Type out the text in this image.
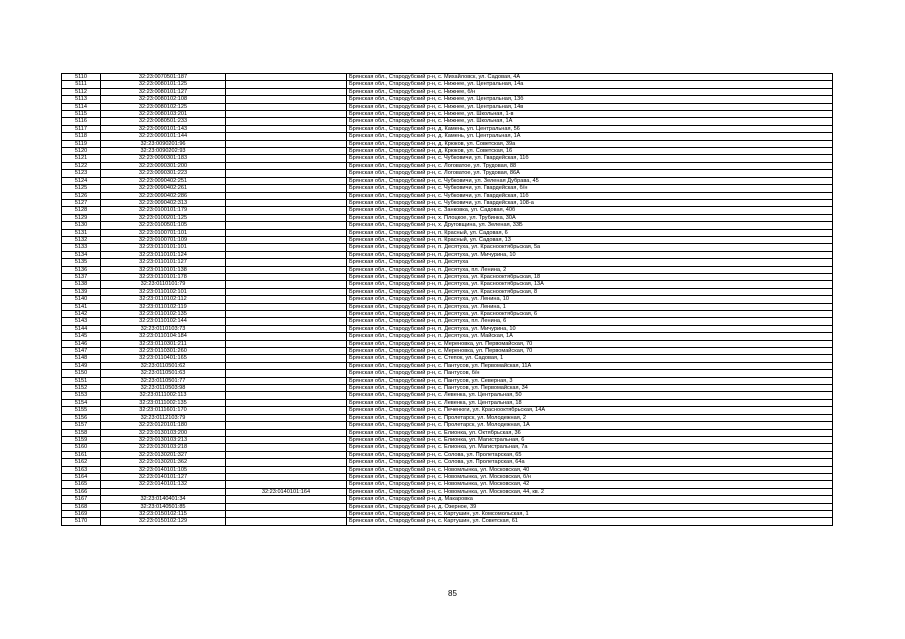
5110	32:23:0070501:187		Брянская обл., Стародубский р-н, с. Михайловск, ул. Садовая, 4А
5111	32:23:0080101:125		Брянская обл., Стародубский р-н, с. Нижнее, ул. Центральная, 14а
5112	32:23:0080101:127		Брянская обл., Стародубский р-н, с. Нижнее, б/н
5113	32:23:0080102:108		Брянская обл., Стародубский р-н, с. Нижнее, ул. Центральная, 13б
5114	32:23:0080102:125		Брянская обл., Стародубский р-н, с. Нижнее, ул. Центральная, 14в
5115	32:23:0080103:201		Брянская обл., Стародубский р-н, с. Нижнее, ул. Школьная, 1-в
5116	32:23:0080501:233		Брянская обл., Стародубский р-н, с. Нижнее, ул. Школьная, 1А
5117	32:23:0090101:143		Брянская обл., Стародубский р-н, д. Камень, ул. Центральная, 56
5118	32:23:0090101:144		Брянская обл., Стародубский р-н, д. Камень, ул. Центральная, 1А
5119	32:23:0090201:96		Брянская обл., Стародубский р-н, д. Крюков, ул. Советская, 39а
5120	32:23:0090202:93		Брянская обл., Стародубский р-н, д. Крюков, ул. Советская, 16
5121	32:23:0090301:183		Брянская обл., Стародубский р-н, с. Чубковичи, ул. Гвардейская, 11б
5122	32:23:0090301:200		Брянская обл., Стародубский р-н, с. Логоватое, ул. Трудовая, 88
5123	32:23:0090301:223		Брянская обл., Стародубский р-н, с. Логоватое, ул. Трудовая, 86А
5124	32:23:0090402:251		Брянская обл., Стародубский р-н, с. Чубковичи, ул. Зеленая Дубрава, 45
5125	32:23:0090402:261		Брянская обл., Стародубский р-н, с. Чубковичи, ул. Гвардейская, б/н
5126	32:23:0090402:286		Брянская обл., Стародубский р-н, с. Чубковичи, ул. Гвардейская, 11б
5127	32:23:0090402:313		Брянская обл., Стародубский р-н, с. Чубковичи, ул. Гвардейская, 108-а
5128	32:23:0100101:179		Брянская обл., Стародубский р-н, с. Занковка, ул. Садовая, 40б
5129	32:23:0100201:125		Брянская обл., Стародубский р-н, х. Плоцкое, ул. Трубинка, 30А
5130	32:23:0100501:105		Брянская обл., Стародубский р-н, х. Друговщина, ул. Зеленая, 33Б
5131	32:23:0100701:101		Брянская обл., Стародубский р-н, п. Красный, ул. Садовая, 6
5132	32:23:0100701:109		Брянская обл., Стародубский р-н, п. Красный, ул. Садовая, 13
5133	32:23:0110101:101		Брянская обл., Стародубский р-н, п. Десятуха, ул. Краснооктябрьская, 5а
5134	32:23:0110101:124		Брянская обл., Стародубский р-н, п. Десятуха, ул. Мичурина, 10
5135	32:23:0110101:127		Брянская обл., Стародубский р-н, п. Десятуха
5136	32:23:0110101:138		Брянская обл., Стародубский р-н, п. Десятуха, пл. Ленина, 2
5137	32:23:0110101:178		Брянская обл., Стародубский р-н, п. Десятуха, ул. Краснооктябрьская, 18
5138	32:23:0110101:79		Брянская обл., Стародубский р-н, п. Десятуха, ул. Краснооктябрьская, 13А
5139	32:23:0110102:101		Брянская обл., Стародубский р-н, п. Десятуха, ул. Краснооктябрьская, 8
5140	32:23:0110102:112		Брянская обл., Стародубский р-н, п. Десятуха, ул. Ленина, 10
5141	32:23:0110102:119		Брянская обл., Стародубский р-н, п. Десятуха, ул. Ленина, 1
5142	32:23:0110102:135		Брянская обл., Стародубский р-н, п. Десятуха, ул. Краснооктябрьская, 6
5143	32:23:0110102:144		Брянская обл., Стародубский р-н, п. Десятуха, пл. Ленина, 6
5144	32:23:0110103:73		Брянская обл., Стародубский р-н, п. Десятуха, ул. Мичурина, 10
5145	32:23:0110104:184		Брянская обл., Стародубский р-н, п. Десятуха, ул. Майская, 1А
5146	32:23:0110301:211		Брянская обл., Стародубский р-н, с. Мереновка, ул. Первомайская, 70
5147	32:23:0110301:260		Брянская обл., Стародубский р-н, с. Мереновка, ул. Первомайская, 70
5148	32:23:0110401:165		Брянская обл., Стародубский р-н, с. Степок, ул. Садовая, 1
5149	32:23:0110501:62		Брянская обл., Стародубский р-н, с. Пантусов, ул. Первомайская, 11А
5150	32:23:0110501:63		Брянская обл., Стародубский р-н, с. Пантусов, б/н
5151	32:23:0110501:77		Брянская обл., Стародубский р-н, с. Пантусов, ул. Северная, 3
5152	32:23:0110503:98		Брянская обл., Стародубский р-н, с. Пантусов, ул. Первомайская, 34
5153	32:23:0111002:113		Брянская обл., Стародубский р-н, с. Левенка, ул. Центральная, 50
5154	32:23:0111002:135		Брянская обл., Стародубский р-н, с. Левенка, ул. Центральная, 18
5155	32:23:0111601:170		Брянская обл., Стародубский р-н, с. Печенюги, ул. Краснооктябрьская, 14А
5156	32:23:0112103:79		Брянская обл., Стародубский р-н, с. Пролетарск, ул. Молодежная, 2
5157	32:23:0120101:180		Брянская обл., Стародубский р-н, с. Пролетарск, ул. Молодежная, 1А
5158	32:23:0130103:200		Брянская обл., Стародубский р-н, с. Елионка, ул. Октябрьская, 36
5159	32:23:0130103:213		Брянская обл., Стародубский р-н, с. Елионка, ул. Магистральная, 6
5160	32:23:0130103:218		Брянская обл., Стародубский р-н, с. Елионка, ул. Магистральная, 7а
5161	32:23:0130201:327		Брянская обл., Стародубский р-н, с. Солова, ул. Пролетарская, 65
5162	32:23:0130201:362		Брянская обл., Стародубский р-н, с. Солова, ул. Пролетарская, 64а
5163	32:23:0140101:105		Брянская обл., Стародубский р-н, с. Новомлынка, ул. Московская, 40
5164	32:23:0140101:127		Брянская обл., Стародубский р-н, с. Новомлынка, ул. Московская, б/н
5165	32:23:0140101:132		Брянская обл., Стародубский р-н, с. Новомлынка, ул. Московская, 42
5166		32:23:0140101:164	Брянская обл., Стародубский р-н, с. Новомлынка, ул. Московская, 44, кв. 2
5167	32:23:0140401:34		Брянская обл., Стародубский р-н, д. Макаровка
5168	32:23:0140501:85		Брянская обл., Стародубский р-н, д. Озерное, 39
5169	32:23:0150102:115		Брянская обл., Стародубский р-н, с. Картушин, ул. Комсомольская, 1
5170	32:23:0150102:129		Брянская обл., Стародубский р-н, с. Картушин, ул. Советская, 61
85
